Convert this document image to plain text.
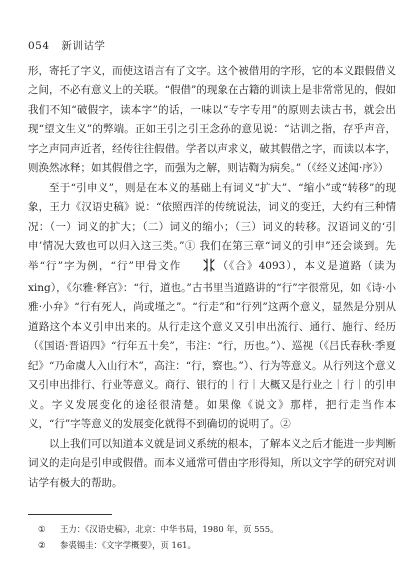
054 新训诂学

形，寄托了字义，而使这语言有了文字。这个被借用的字形，它的本义跟假借义之间，不必有意义上的关联。“假借”的现象在古籍的训读上是非常常见的，假如我们不知“破假字，读本字”的话，一味以“专字专用”的原则去读古书，就会出现“望文生义”的弊端。正如王引之引王念孙的意见说：“诂训之指，存乎声音，字之声同声近者，经传往往假借。学者以声求义，破其假借之字，而读以本字，则涣然冰释；如其假借之字，而强为之解，则诘鞫为病矣。”（《经义述闻·序》）

至于“引申义”，则是在本义的基础上有词义“扩大”、“缩小”或“转移”的现象，王力《汉语史稿》说：“依照西洋的传统说法，词义的变迁，大约有三种情况：（一）词义的扩大；（二）词义的缩小；（三）词义的转移。汉语词义的‘引申’情况大致也可以归入这三类。”① 我们在第三章“词义的引申”还会谈到。先举“行”字为例，“行”甲骨文作	（《合》4093），本义是道路（读为 xing），《尔雅·释宫》：“行，道也。”古书里当道路讲的“行”字很常见，如《诗·小雅·小弁》“行有死人，尚或墐之”。“行走”和“行列”这两个意义，显然是分别从道路这个本义引申出来的。从行走这个意义又引申出流行、通行、施行、经历（《国语·晋语四》“行年五十矣”，韦注：“行，历也。”）、巡视（《吕氏春秋·季夏纪》“乃命虞人入山行木”，高注：“行，察也。”）、行为等意义。从行列这个意义又引申出排行、行业等意义。商行、银行的｜行｜大概又是行业之｜行｜的引申义。字义发展变化的途径很清楚。如果像《说文》那样，把行走当作本义，“行”字等意义的发展变化就得不到确切的说明了。②

以上我们可以知道本义就是词义系统的根本，了解本义之后才能进一步判断词义的走向是引申或假借。而本义通常可借由字形得知，所以文字学的研究对训诂学有极大的帮助。

①	王力：《汉语史稿》，北京：中华书局，1980 年，页 555。
②	参裘锡圭：《文字学概要》，页 161。
